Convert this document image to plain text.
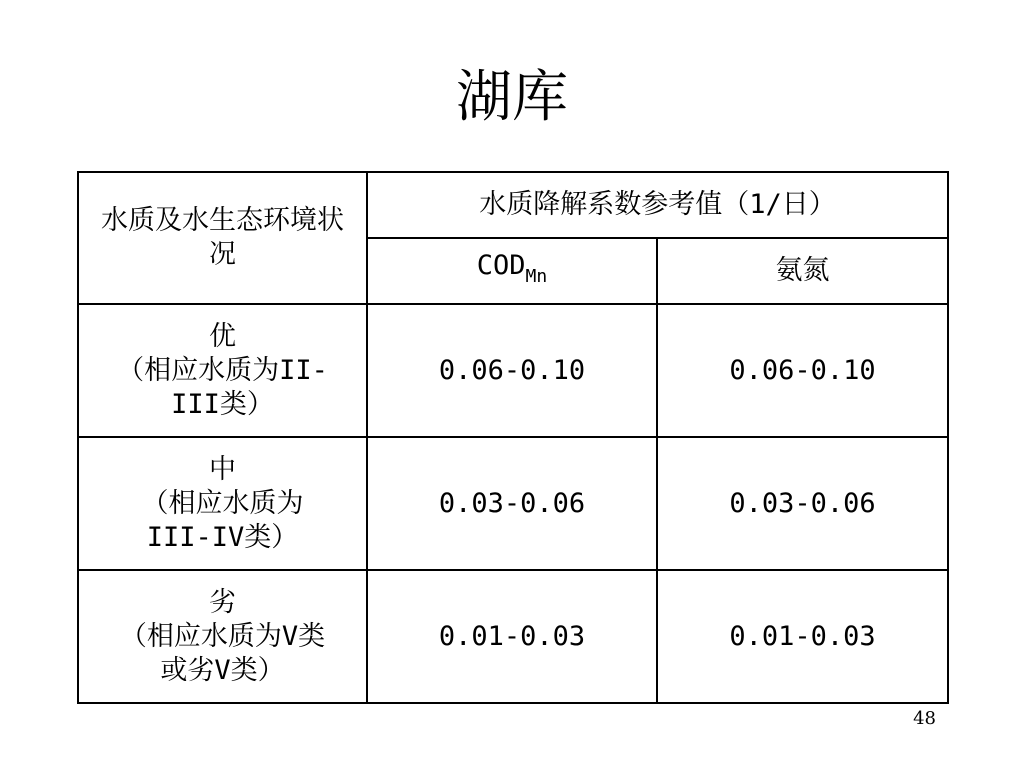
湖库
水质及水生态环境状况	水质降解系数参考值（1/日）	
	$COD_{Mn}$	氨氮

优
（相应水质为II-
III类）	0.06-0.10	0.06-0.10

中
（相应水质为
III-IV类）	0.03-0.06	0.03-0.06

劣
（相应水质为V类
或劣V类）	0.01-0.03	0.01-0.03
48
